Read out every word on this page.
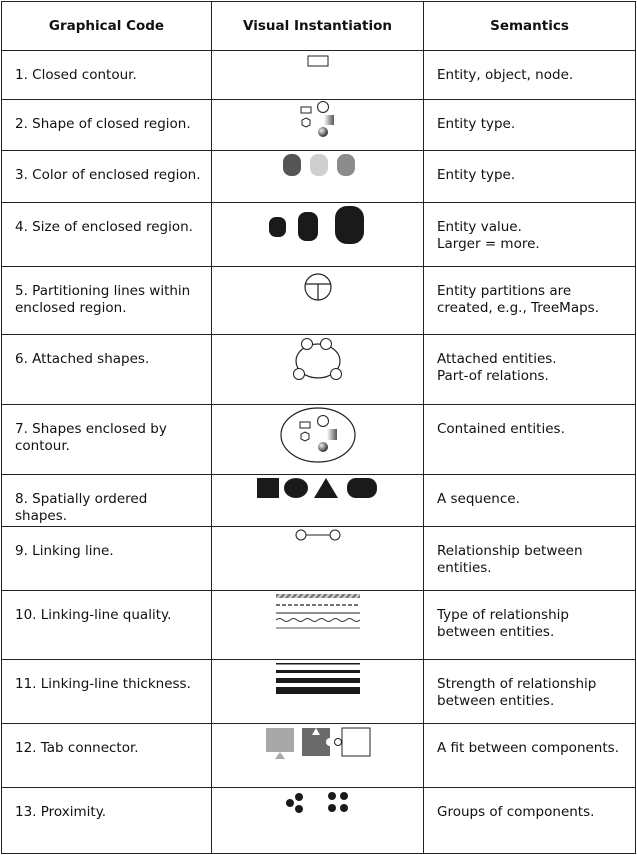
Graphical Code	Visual Instantiation	Semantics

1. Closed contour.		Entity, object, node.

2. Shape of closed region.		Entity type.

3. Color of enclosed region.		Entity type.

4. Size of enclosed region.		Entity value.
Larger = more.

5. Partitioning lines within
enclosed region.		Entity partitions are
created, e.g., TreeMaps.

6. Attached shapes.		Attached entities.
Part-of relations.

7. Shapes enclosed by
contour.		Contained entities.

8. Spatially ordered shapes.		A sequence.

9. Linking line.		Relationship between
entities.

10. Linking-line quality.		Type of relationship
between entities.

11. Linking-line thickness.		Strength of relationship
between entities.

12. Tab connector.		A fit between components.

13. Proximity.		Groups of components.
